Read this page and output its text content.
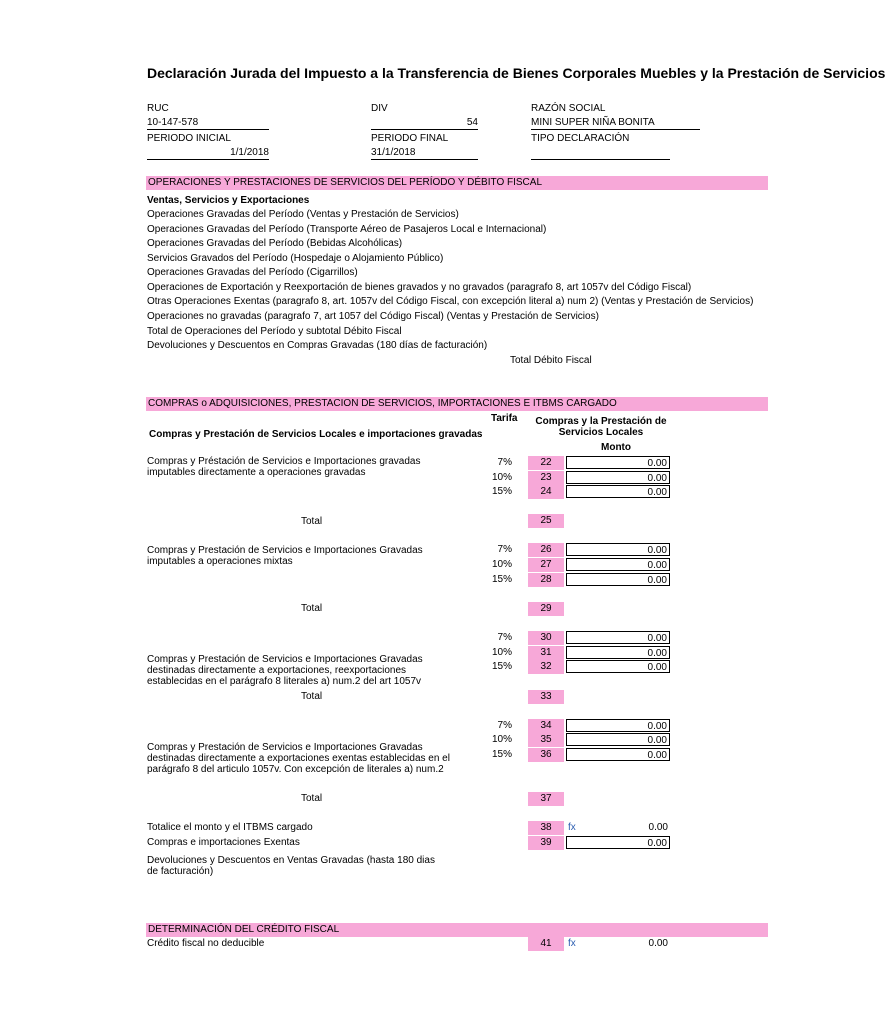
Declaración Jurada del Impuesto a la Transferencia de Bienes Corporales Muebles y la Prestación de Servicios
RUC
10-147-578
DIV
54
RAZÓN SOCIAL
MINI SUPER NIÑA BONITA
PERIODO INICIAL
1/1/2018
PERIODO FINAL
31/1/2018
TIPO DECLARACIÓN
OPERACIONES Y PRESTACIONES DE SERVICIOS DEL PERÍODO Y DÉBITO FISCAL
Ventas, Servicios y Exportaciones
Operaciones Gravadas del Período (Ventas y Prestación de Servicios)
Operaciones Gravadas del Período (Transporte Aéreo de Pasajeros Local e Internacional)
Operaciones Gravadas del Período (Bebidas Alcohólicas)
Servicios Gravados del Período (Hospedaje o Alojamiento Público)
Operaciones Gravadas del Período (Cigarrillos)
Operaciones de Exportación y Reexportación de bienes gravados y no gravados (paragrafo 8, art 1057v del Código Fiscal)
Otras Operaciones Exentas (paragrafo 8, art. 1057v del Código Fiscal, con excepción literal a) num 2) (Ventas y Prestación de Servicios)
Operaciones no gravadas (paragrafo 7, art 1057 del Código Fiscal) (Ventas y Prestación de Servicios)
Total de Operaciones del Período y subtotal Débito Fiscal
Devoluciones y Descuentos en Compras Gravadas (180 días de facturación)
Total Débito Fiscal
COMPRAS o ADQUISICIONES, PRESTACION DE SERVICIOS, IMPORTACIONES E ITBMS CARGADO
Tarifa	Compras y la Prestación de Servicios Locales
Monto
Compras y Prestación de Servicios Locales e importaciones gravadas
Compras y Préstación de Servicios e Importaciones gravadas imputables directamente a operaciones gravadas
7%	22	0.00
10%	23	0.00
15%	24	0.00
Total	25
Compras y Prestación de Servicios e Importaciones Gravadas imputables a operaciones mixtas
7%	26	0.00
10%	27	0.00
15%	28	0.00
Total	29
7%	30	0.00
Compras y Prestación de Servicios e Importaciones Gravadas destinadas directamente a exportaciones, reexportaciones establecidas en el parágrafo 8 literales a) num.2 del art 1057v
10%	31	0.00
15%	32	0.00
Total	33
7%	34	0.00
Compras y Prestación de Servicios e Importaciones Gravadas destinadas directamente a exportaciones exentas establecidas en el parágrafo 8 del articulo 1057v. Con excepción de literales a) num.2
10%	35	0.00
15%	36	0.00
Total	37
Totalice el monto y el ITBMS cargado	38	fx	0.00
Compras e importaciones Exentas	39	0.00
Devoluciones y Descuentos en Ventas Gravadas (hasta 180 dias de facturación)
DETERMINACIÓN DEL CRÉDITO FISCAL
Crédito fiscal no deducible	41	fx	0.00
